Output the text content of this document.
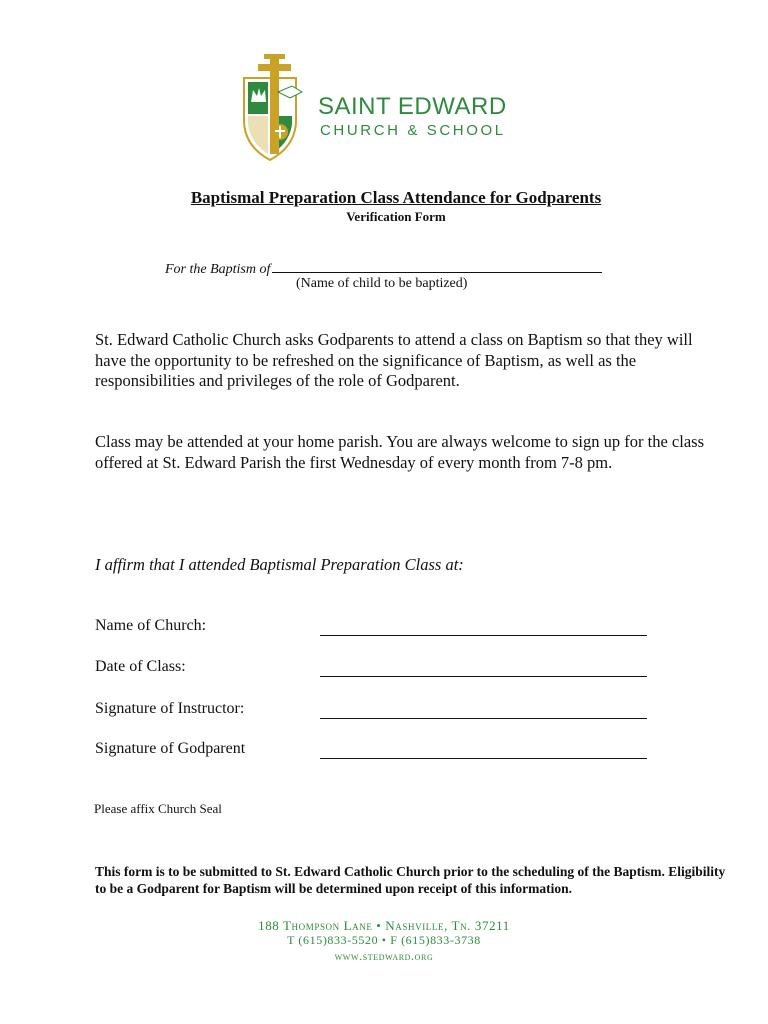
SAINT EDWARD
CHURCH & SCHOOL
Baptismal Preparation Class Attendance for Godparents
Verification Form
For the Baptism of
(Name of child to be baptized)
St. Edward Catholic Church asks Godparents to attend a class on Baptism so that they will have the opportunity to be refreshed on the significance of Baptism, as well as the responsibilities and privileges of the role of Godparent.
Class may be attended at your home parish. You are always welcome to sign up for the class offered at St. Edward Parish the first Wednesday of every month from 7-8 pm.
I affirm that I attended Baptismal Preparation Class at:
Name of Church:
Date of Class:
Signature of Instructor:
Signature of Godparent
Please affix Church Seal
This form is to be submitted to St. Edward Catholic Church prior to the scheduling of the Baptism. Eligibility to be a Godparent for Baptism will be determined upon receipt of this information.
188 Thompson Lane • Nashville, Tn. 37211
T (615)833-5520 • F (615)833-3738
www.stedward.org
